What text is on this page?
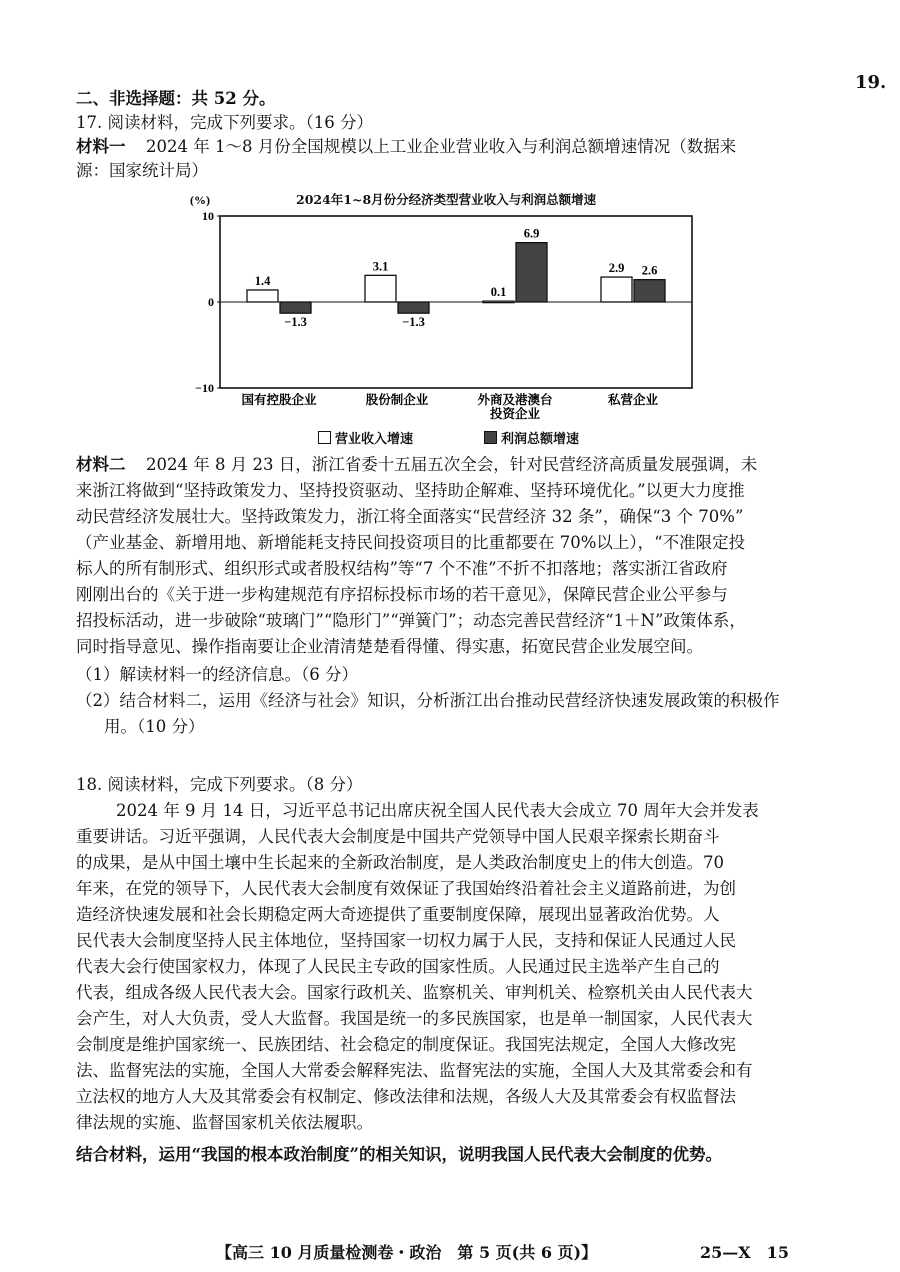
19.
二、非选择题：共 52 分。
17. 阅读材料，完成下列要求。（16 分）
材料一 2024 年 1～8 月份全国规模以上工业企业营业收入与利润总额增速情况（数据来
源：国家统计局）
2024年1~8月份分经济类型营业收入与利润总额增速
(%)
10
0
−10
1.4
−1.3
国有控股企业
3.1
−1.3
股份制企业
0.1
6.9
外商及港澳台
投资企业
2.9 2.6
私营企业
营业收入增速	利润总额增速
材料二 2024 年 8 月 23 日，浙江省委十五届五次全会，针对民营经济高质量发展强调，未
来浙江将做到“坚持政策发力、坚持投资驱动、坚持助企解难、坚持环境优化。”以更大力度推
动民营经济发展壮大。坚持政策发力，浙江将全面落实“民营经济 32 条”，确保“3 个 70%”
（产业基金、新增用地、新增能耗支持民间投资项目的比重都要在 70%以上），“不准限定投
标人的所有制形式、组织形式或者股权结构”等“7 个不准”不折不扣落地；落实浙江省政府
刚刚出台的《关于进一步构建规范有序招标投标市场的若干意见》，保障民营企业公平参与
招投标活动，进一步破除“玻璃门”“隐形门”“弹簧门”；动态完善民营经济“1＋N”政策体系，
同时指导意见、操作指南要让企业清清楚楚看得懂、得实惠，拓宽民营企业发展空间。
（1）解读材料一的经济信息。（6 分）
（2）结合材料二，运用《经济与社会》知识，分析浙江出台推动民营经济快速发展政策的积极作
用。（10 分）
18. 阅读材料，完成下列要求。（8 分）
2024 年 9 月 14 日，习近平总书记出席庆祝全国人民代表大会成立 70 周年大会并发表
重要讲话。习近平强调，人民代表大会制度是中国共产党领导中国人民艰辛探索长期奋斗
的成果，是从中国土壤中生长起来的全新政治制度，是人类政治制度史上的伟大创造。70
年来，在党的领导下，人民代表大会制度有效保证了我国始终沿着社会主义道路前进，为创
造经济快速发展和社会长期稳定两大奇迹提供了重要制度保障，展现出显著政治优势。人
民代表大会制度坚持人民主体地位，坚持国家一切权力属于人民，支持和保证人民通过人民
代表大会行使国家权力，体现了人民民主专政的国家性质。人民通过民主选举产生自己的
代表，组成各级人民代表大会。国家行政机关、监察机关、审判机关、检察机关由人民代表大
会产生，对人大负责，受人大监督。我国是统一的多民族国家，也是单一制国家，人民代表大
会制度是维护国家统一、民族团结、社会稳定的制度保证。我国宪法规定，全国人大修改宪
法、监督宪法的实施，全国人大常委会解释宪法、监督宪法的实施，全国人大及其常委会和有
立法权的地方人大及其常委会有权制定、修改法律和法规，各级人大及其常委会有权监督法
律法规的实施、监督国家机关依法履职。
结合材料，运用“我国的根本政治制度”的相关知识，说明我国人民代表大会制度的优势。
【高三 10 月质量检测卷・政治　第 5 页(共 6 页)】	25—X　15
